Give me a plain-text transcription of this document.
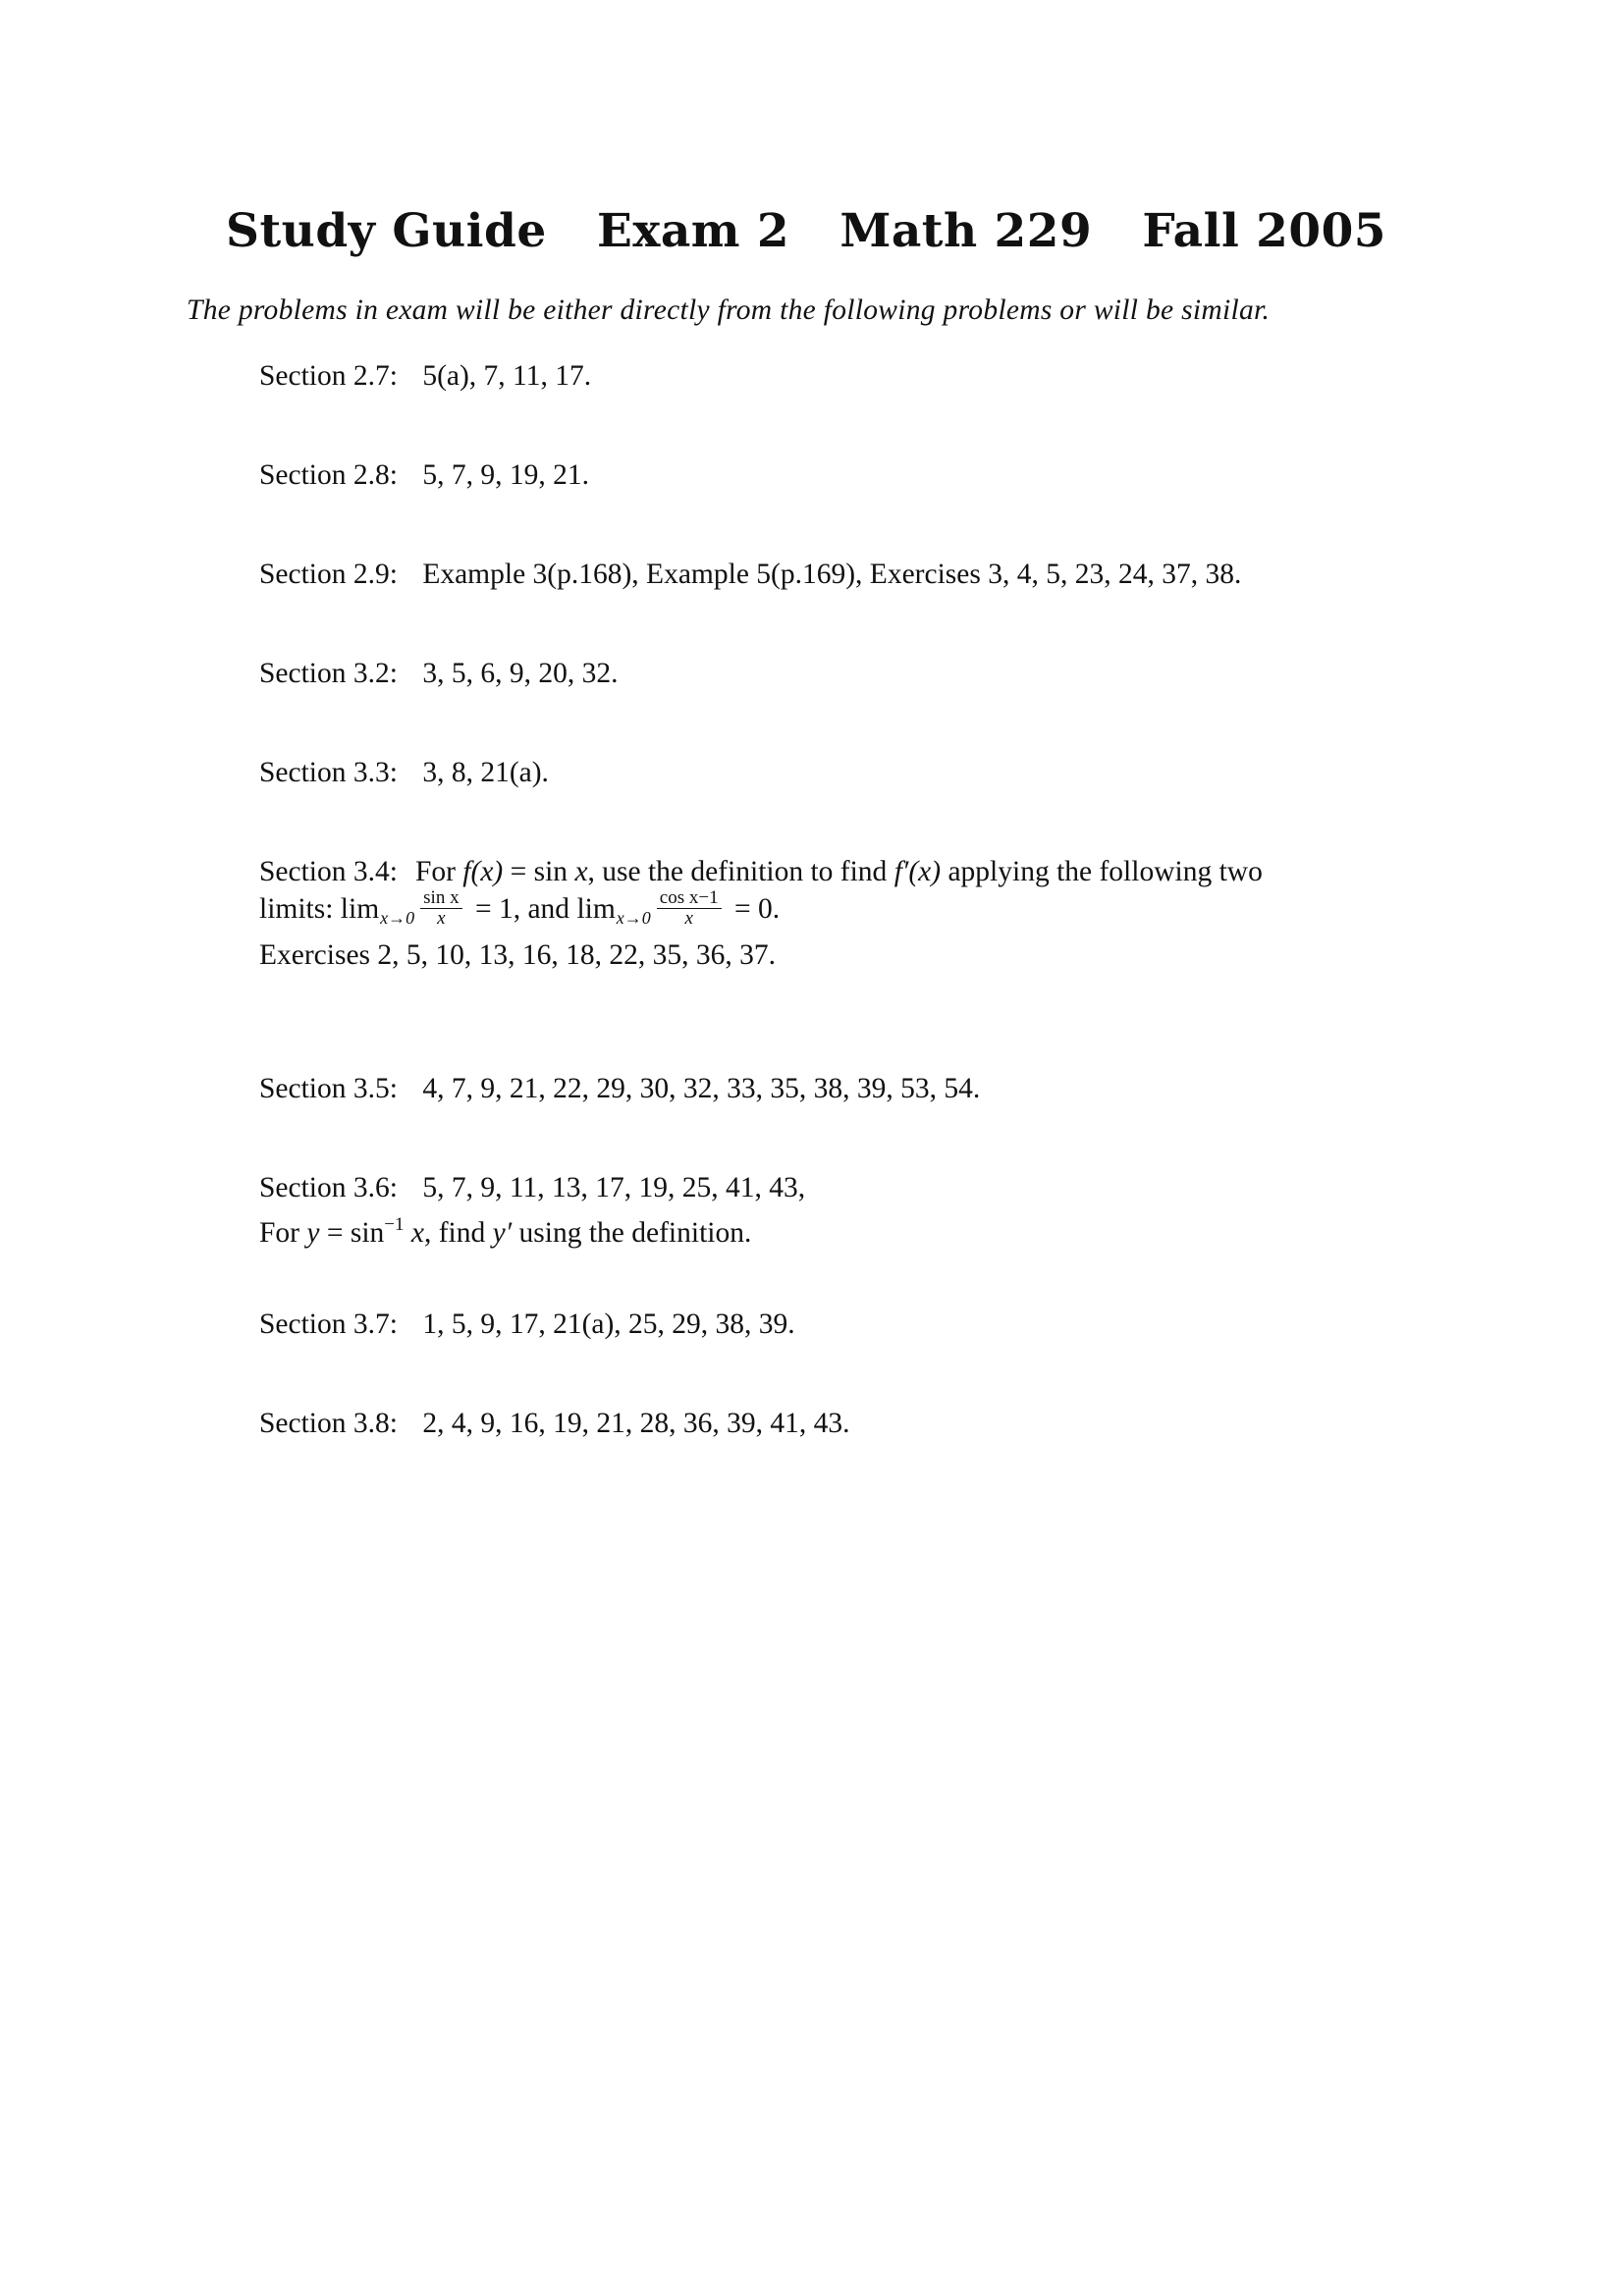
Study Guide Exam 2 Math 229 Fall 2005
The problems in exam will be either directly from the following problems or will be similar.
Section 2.7: 5(a), 7, 11, 17.
Section 2.8: 5, 7, 9, 19, 21.
Section 2.9: Example 3(p.168), Example 5(p.169), Exercises 3, 4, 5, 23, 24, 37, 38.
Section 3.2: 3, 5, 6, 9, 20, 32.
Section 3.3: 3, 8, 21(a).
Section 3.4: For f(x) = sin x, use the definition to find f′(x) applying the following two
limits: $\lim_{x\to 0} \frac{\text{sin x}}{x} = 1$, and $\lim_{x\to 0} \frac{\text{cos x−1}}{x} = 0$.
Exercises 2, 5, 10, 13, 16, 18, 22, 35, 36, 37.
Section 3.5: 4, 7, 9, 21, 22, 29, 30, 32, 33, 35, 38, 39, 53, 54.
Section 3.6: 5, 7, 9, 11, 13, 17, 19, 25, 41, 43,
For $y = \sin^{-1} x$, find y′ using the definition.
Section 3.7: 1, 5, 9, 17, 21(a), 25, 29, 38, 39.
Section 3.8: 2, 4, 9, 16, 19, 21, 28, 36, 39, 41, 43.
